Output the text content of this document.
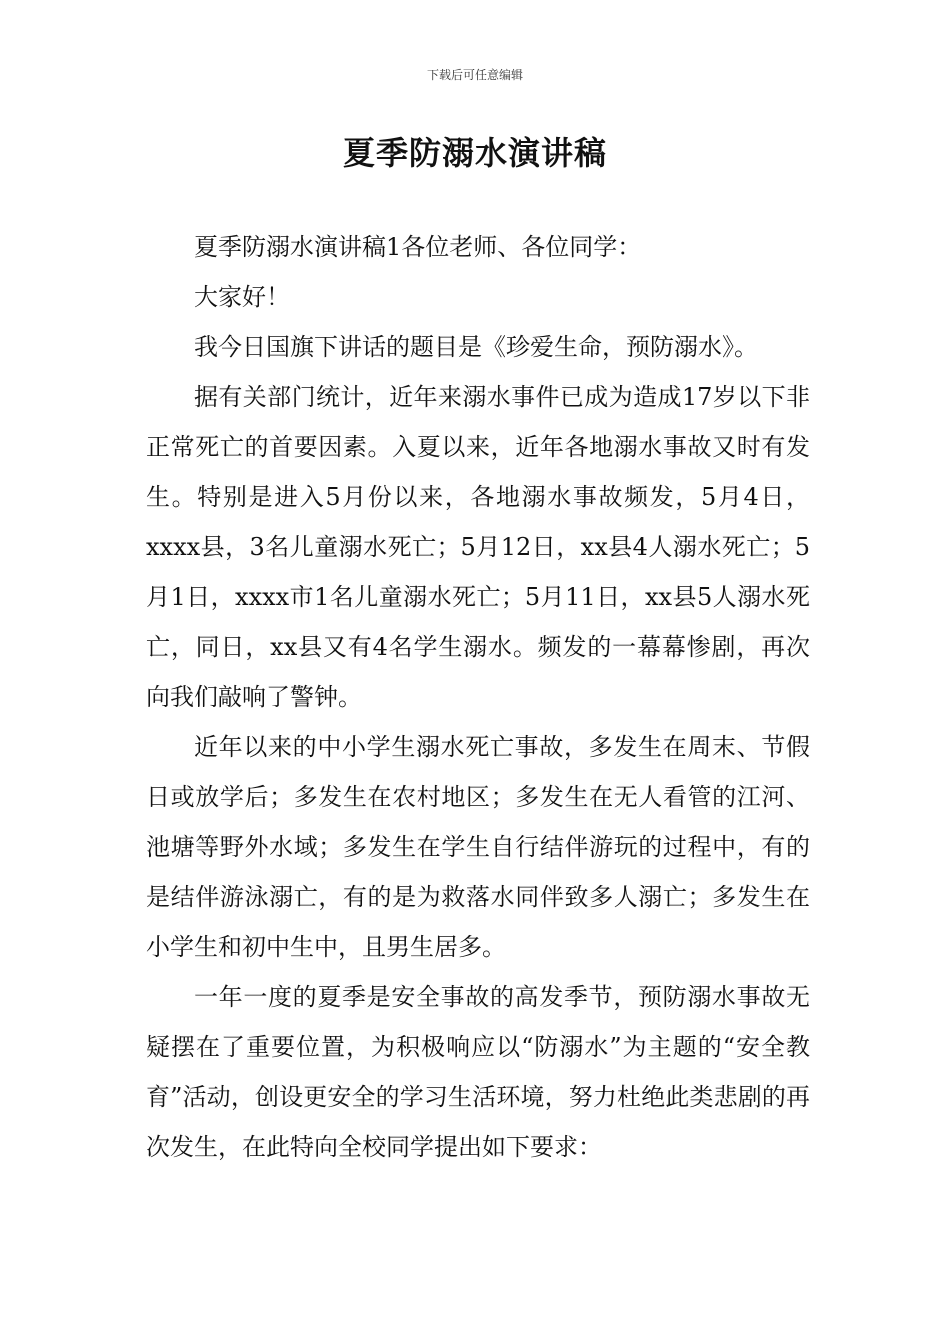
下载后可任意编辑
夏季防溺水演讲稿

夏季防溺水演讲稿1各位老师、各位同学：

大家好！

我今日国旗下讲话的题目是《珍爱生命，预防溺水》。

据有关部门统计，近年来溺水事件已成为造成17岁以下非正常死亡的首要因素。入夏以来，近年各地溺水事故又时有发生。特别是进入5月份以来，各地溺水事故频发，5月4日，xxxx县，3名儿童溺水死亡；5月12日，xx县4人溺水死亡；5月1日，xxxx市1名儿童溺水死亡；5月11日，xx县5人溺水死亡，同日，xx县又有4名学生溺水。频发的一幕幕惨剧，再次向我们敲响了警钟。

近年以来的中小学生溺水死亡事故，多发生在周末、节假日或放学后；多发生在农村地区；多发生在无人看管的江河、池塘等野外水域；多发生在学生自行结伴游玩的过程中，有的是结伴游泳溺亡，有的是为救落水同伴致多人溺亡；多发生在小学生和初中生中，且男生居多。

一年一度的夏季是安全事故的高发季节，预防溺水事故无疑摆在了重要位置，为积极响应以“防溺水”为主题的“安全教育”活动，创设更安全的学习生活环境，努力杜绝此类悲剧的再次发生，在此特向全校同学提出如下要求：
